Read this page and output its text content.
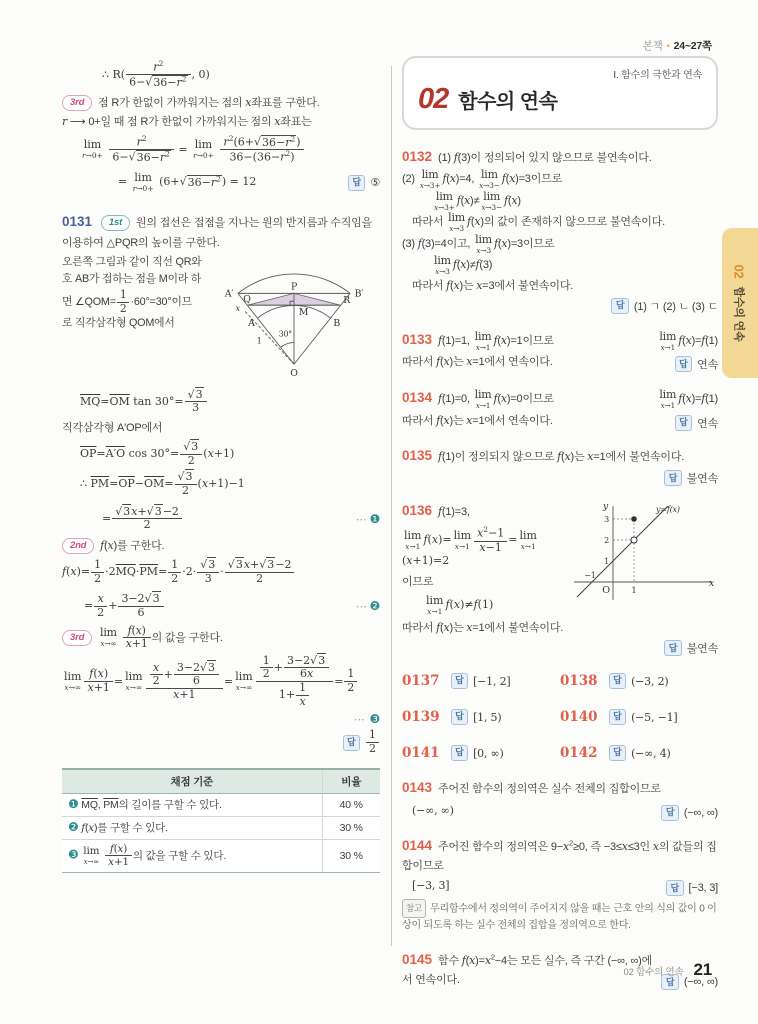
본책 • 24~27쪽
∴ $R( \frac{r^2}{6-√36-r^2}$ , 0)
3rd 점 R가 한없이 가까워지는 점의 x좌표를 구한다.
r ⟶ 0+일 때 점 R가 한없이 가까워지는 점의 x좌표는
lim
r→0+
$\frac{r^2}{6-√36-r^2} = \lim$
r→0+
$\frac{r^2(6+√36-r^2)}{36-(36-r^2)}$
= lim
r→0+
$(6+√36-r^2) = 12$	답 ⑤
0131 1st 원의 접선은 접점을 지나는 원의 반지름과 수직임을 이용하여 △PQR의 높이를 구한다.
A′
P
B′
Q
x
R
A	B
M
O
1
30°
오른쪽 그림과 같이 직선 QR와 호 AB가 접하는 점을 M이라 하면 ∠QOM= $\frac{1}{2} \cdot 60^\circ=30^\circ$이므로 직각삼각형 QOM에서
$\overline{MQ}=\overline{OM}$ $\tan 30^\circ= \frac{√3}{3}$
직각삼각형 A′OP에서
$\overline{OP}=A'O$ $\cos 30^\circ= \frac{√3}{2} (x+1)$
∴ $\overline{PM}=\overline{OP}-\overline{OM}= \frac{√3}{2} (x+1)-1$
= $\frac{√3x+√3-2}{2}$	⋯ ❶
2nd f(x)를 구한다.
$f(x)= \frac{1}{2} \cdot 2\overline{MQ}\cdot\overline{PM}= \frac{1}{2} \cdot 2\cdot \frac{√3}{3} \cdot \frac{√3x+√3-2}{2}$
= $\frac{x}{2} + \frac{3-2√3}{6}$	⋯ ❷
3rd lim
x→∞
$\frac{f(x)}{x+1}$ 의 값을 구한다.
lim
$x\to\infty \frac{f(x)}{x+1} = \lim$
$x\to\infty \frac{\frac{x}{2} + \frac{3-2√3}{6}}{x+1} = \lim$
$x\to\infty \frac{\frac{1}{2} + \frac{3-2√3}{6x}}{1+ \frac{1}{x}} = \frac{1}{2}$
⋯ ❸
답 $\frac{1}{2}$
채점 기준	비율
❶ $\overline{MQ}$, $\overline{PM}$의 길이를 구할 수 있다.	40 %
❷ f(x)를 구할 수 있다.	30 %
❸ lim
x→∞
$\frac{f(x)}{x+1}$ 의 값을 구할 수 있다.	30 %
Ⅰ. 함수의 극한과 연속
02 함수의 연속
0132 (1) f(3)이 정의되어 있지 않으므로 불연속이다.
(2) lim
x→3+
f(x)=4, lim
x→3−
f(x)=3이므로
lim
x→3+
f(x)≠ lim
x→3−
f(x)
따라서 lim
x→3
f(x)의 값이 존재하지 않으므로 불연속이다.
(3) f(3)=4이고, lim
x→3
f(x)=3이므로
lim
x→3
f(x)≠f(3)
따라서 f(x)는 x=3에서 불연속이다.
답 (1) ㄱ (2) ㄴ (3) ㄷ
0133 f(1)=1, lim
x→1
f(x)=1이므로	lim
x→1
f(x)=f(1)
따라서 f(x)는 x=1에서 연속이다.	답 연속
0134 f(1)=0, lim
x→1
f(x)=0이므로	lim
x→1
f(x)=f(1)
따라서 f(x)는 x=1에서 연속이다.	답 연속
0135 f(1)이 정의되지 않으므로 f(x)는 x=1에서 불연속이다.
답 불연속
y
x
O
y=f(x)
3
2
1
−1
1
0136 f(1)=3,
lim
x→1
f(x)= lim
$x\to 1 \frac{x^2-1}{x-1} = \lim$
x→1
(x+1)=2
이므로
lim
x→1
f(x)≠f(1)
따라서 f(x)는 x=1에서 불연속이다.
답 불연속
0137	답 [−1, 2]	0138	답 (−3, 2)
0139	답 [1, 5)	0140	답 (−5, −1]
0141	답 [0, ∞)	0142	답 (−∞, 4)
0143 주어진 함수의 정의역은 실수 전체의 집합이므로
(−∞, ∞)	답 (−∞, ∞)
0144 주어진 함수의 정의역은 $9-x^2\ge 0$, 즉 −3≤x≤3인 x의 값들의 집합이므로
[−3, 3]	답 [−3, 3]
참고 무리함수에서 정의역이 주어지지 않을 때는 근호 안의 식의 값이 0 이상이 되도록 하는 실수 전체의 집합을 정의역으로 한다.
0145 함수 $f(x)=x^2-4$는 모든 실수, 즉 구간 (−∞, ∞)에서 연속이다.	답 (−∞, ∞)
02
함수의 연속
02 함수의 연속 21
